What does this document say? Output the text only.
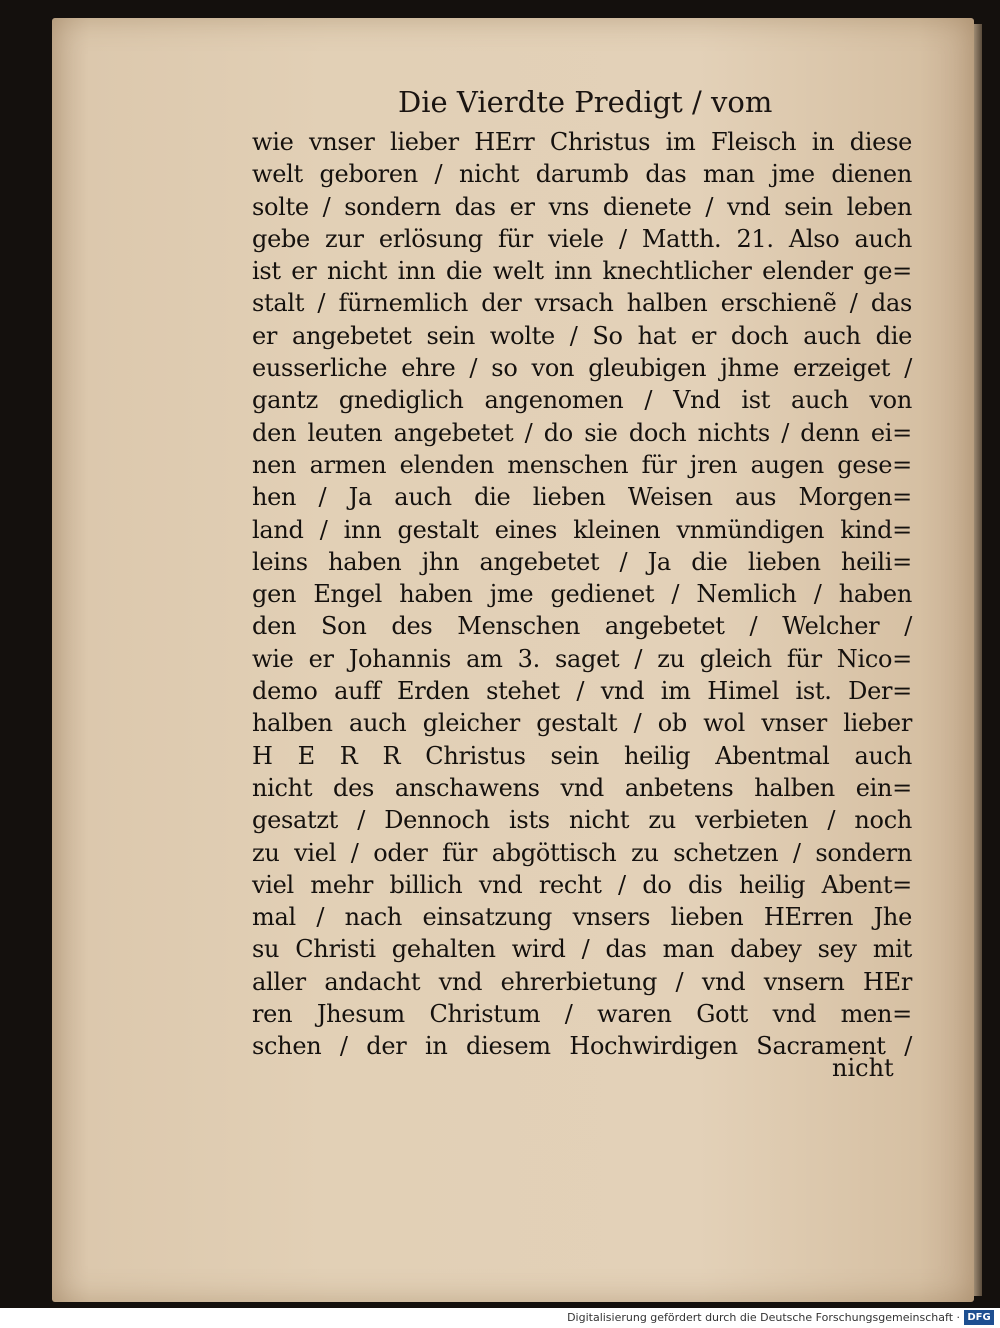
Die Vierdte Predigt / vom
wie vnser lieber HErr Christus im Fleisch in diese
welt geboren / nicht darumb das man jme dienen
solte / sondern das er vns dienete / vnd sein leben
gebe zur erlösung für viele / Matth. 21. Also auch
ist er nicht inn die welt inn knechtlicher elender ge=
stalt / fürnemlich der vrsach halben erschienẽ / das
er angebetet sein wolte / So hat er doch auch die
eusserliche ehre / so von gleubigen jhme erzeiget /
gantz gnediglich angenomen / Vnd ist auch von
den leuten angebetet / do sie doch nichts / denn ei=
nen armen elenden menschen für jren augen gese=
hen / Ja auch die lieben Weisen aus Morgen=
land / inn gestalt eines kleinen vnmündigen kind=
leins haben jhn angebetet / Ja die lieben heili=
gen Engel haben jme gedienet / Nemlich / haben
den Son des Menschen angebetet / Welcher /
wie er Johannis am 3. saget / zu gleich für Nico=
demo auff Erden stehet / vnd im Himel ist. Der=
halben auch gleicher gestalt / ob wol vnser lieber
H E R R Christus sein heilig Abentmal auch
nicht des anschawens vnd anbetens halben ein=
gesatzt / Dennoch ists nicht zu verbieten / noch
zu viel / oder für abgöttisch zu schetzen / sondern
viel mehr billich vnd recht / do dis heilig Abent=
mal / nach einsatzung vnsers lieben HErren Jhe
su Christi gehalten wird / das man dabey sey mit
aller andacht vnd ehrerbietung / vnd vnsern HEr
ren Jhesum Christum / waren Gott vnd men=
schen / der in diesem Hochwirdigen Sacrament /
nicht
Digitalisierung gefördert durch die Deutsche Forschungsgemeinschaft · DFG
